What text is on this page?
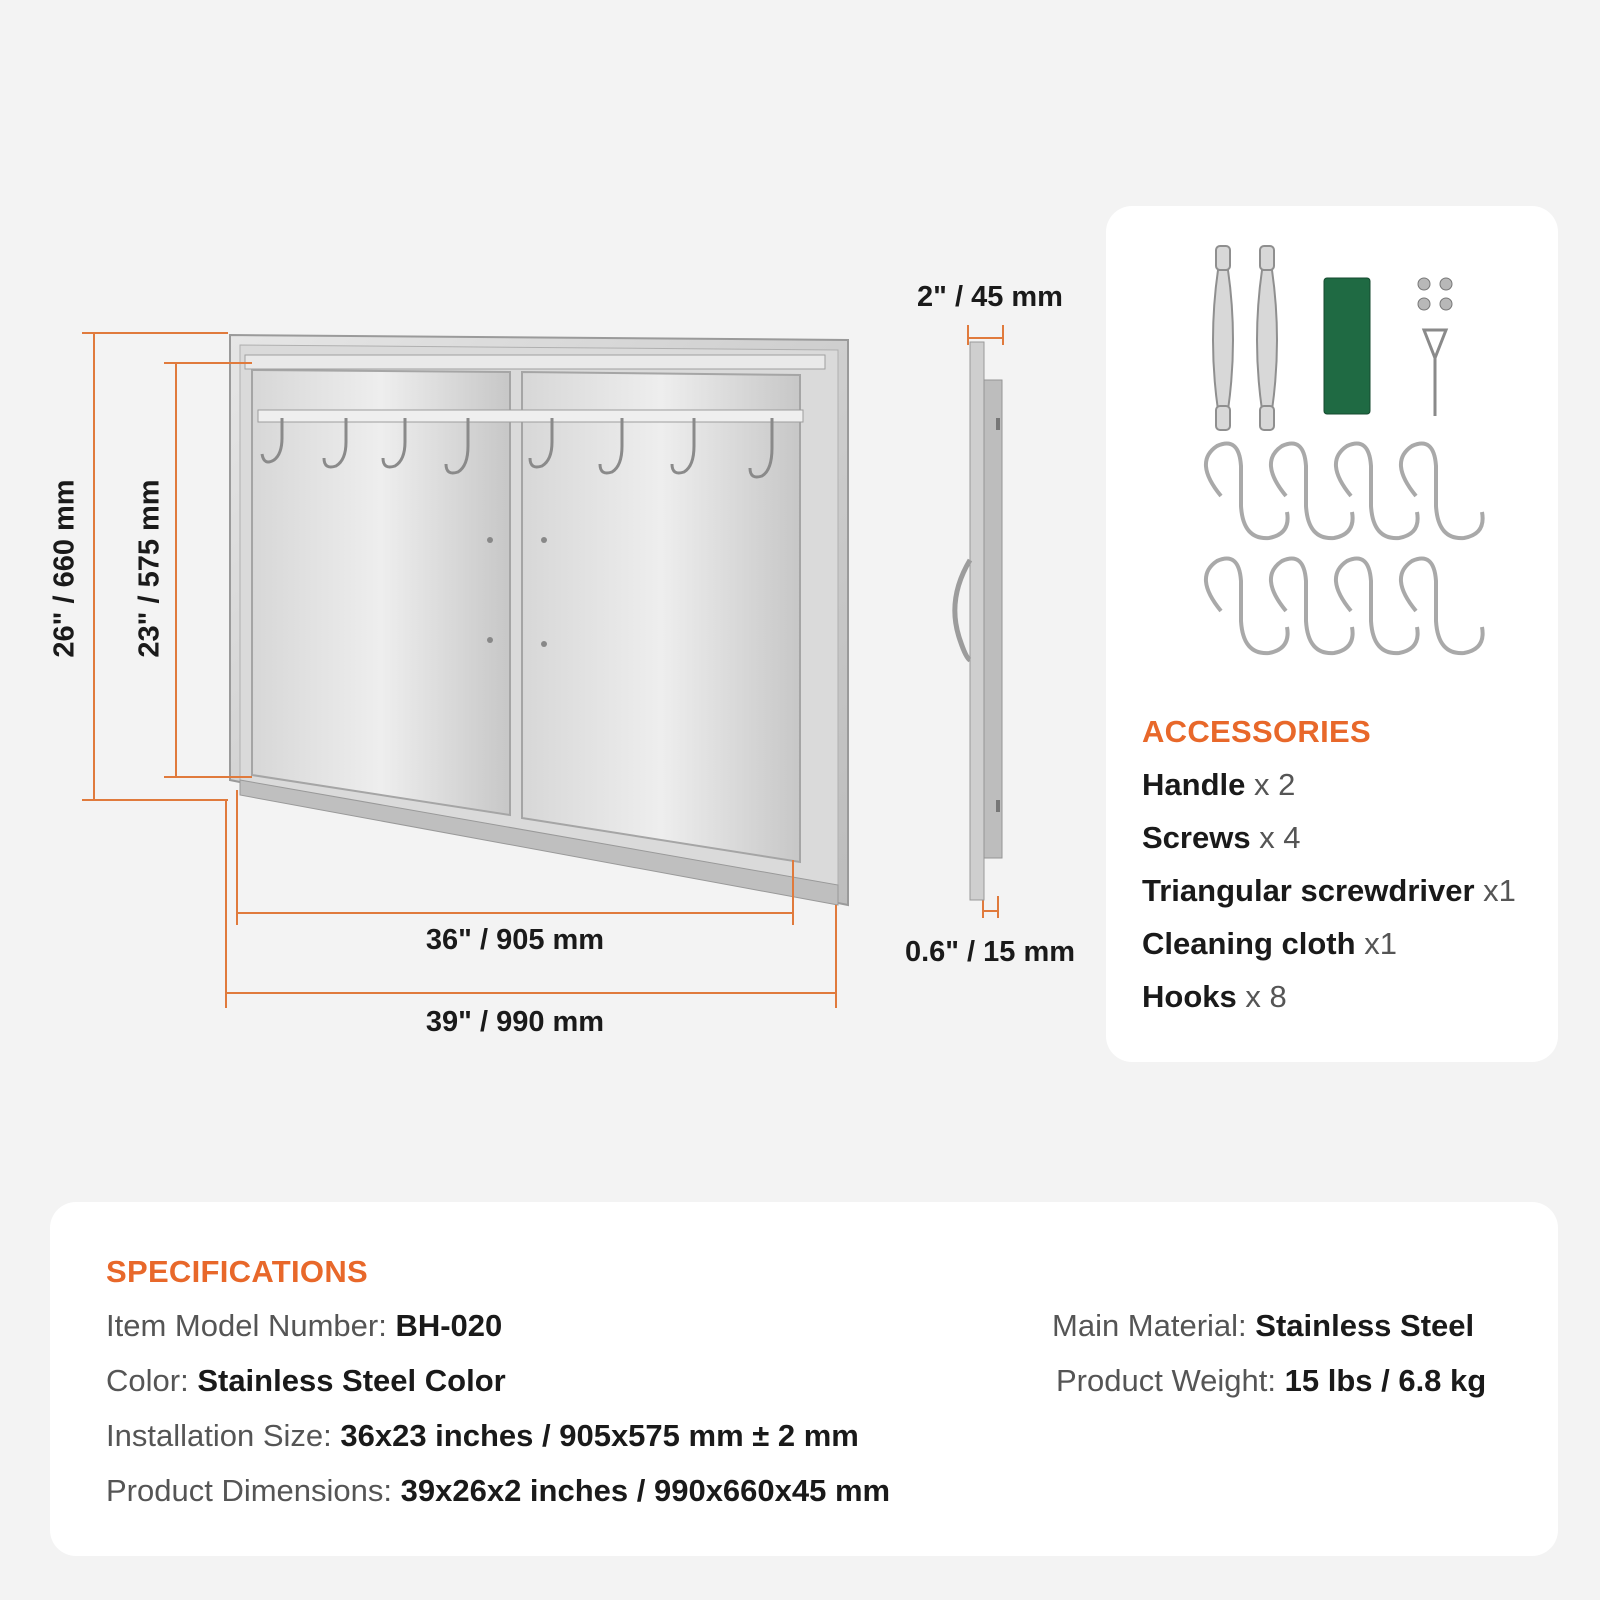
26" / 660 mm 23" / 575 mm
36" / 905 mm
39" / 990 mm
2" / 45 mm
0.6" / 15 mm
ACCESSORIES
Handle x 2
Screws x 4
Triangular screwdriver x1
Cleaning cloth x1
Hooks x 8
SPECIFICATIONS
Item Model Number: BH-020
Color: Stainless Steel Color
Installation Size: 36x23 inches / 905x575 mm ± 2 mm
Product Dimensions: 39x26x2 inches / 990x660x45 mm
Main Material: Stainless Steel
Product Weight: 15 lbs / 6.8 kg
